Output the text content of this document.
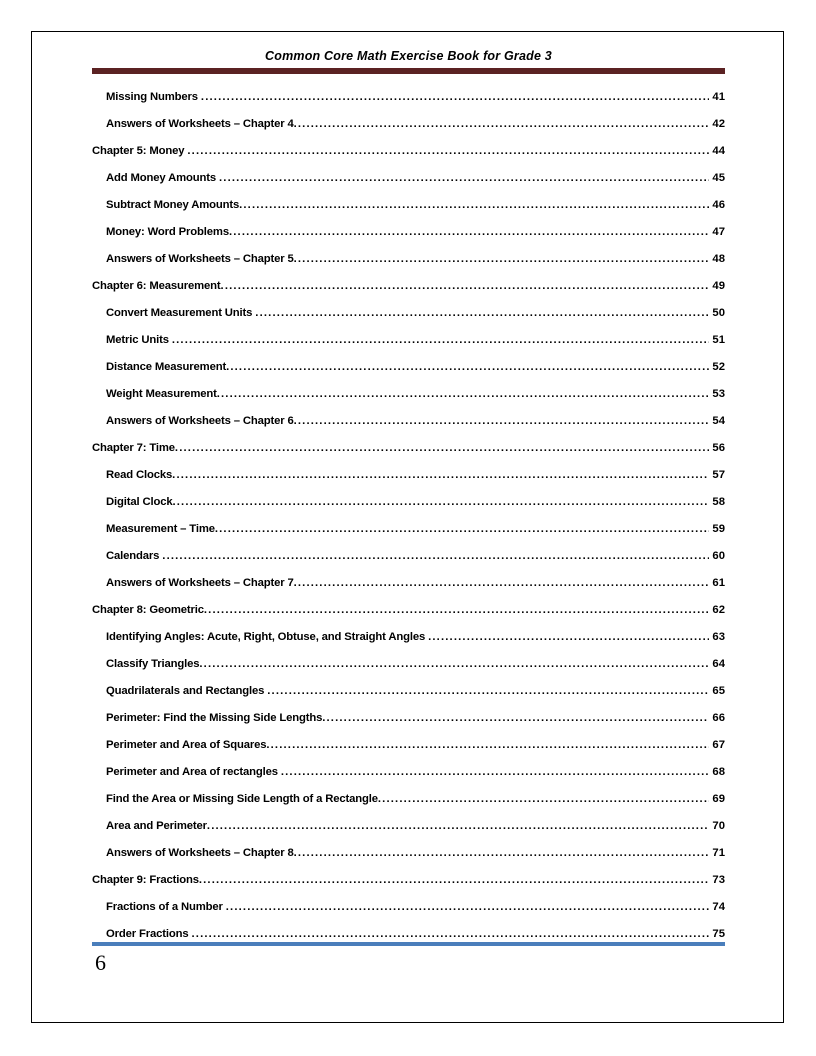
Common Core Math Exercise Book for Grade 3
Missing Numbers .....	41
Answers of Worksheets – Chapter 4 .....	42
Chapter 5: Money .....	44
Add Money Amounts .....	45
Subtract Money Amounts .....	46
Money: Word Problems .....	47
Answers of Worksheets – Chapter 5 .....	48
Chapter 6: Measurement .....	49
Convert Measurement Units .....	50
Metric Units .....	51
Distance Measurement .....	52
Weight Measurement .....	53
Answers of Worksheets – Chapter 6 .....	54
Chapter 7: Time .....	56
Read Clocks .....	57
Digital Clock .....	58
Measurement – Time .....	59
Calendars .....	60
Answers of Worksheets – Chapter 7 .....	61
Chapter 8: Geometric .....	62
Identifying Angles: Acute, Right, Obtuse, and Straight Angles .....	63
Classify Triangles .....	64
Quadrilaterals and Rectangles .....	65
Perimeter: Find the Missing Side Lengths .....	66
Perimeter and Area of Squares .....	67
Perimeter and Area of rectangles .....	68
Find the Area or Missing Side Length of a Rectangle .....	69
Area and Perimeter .....	70
Answers of Worksheets – Chapter 8 .....	71
Chapter 9: Fractions .....	73
Fractions of a Number .....	74
Order Fractions .....	75
6
